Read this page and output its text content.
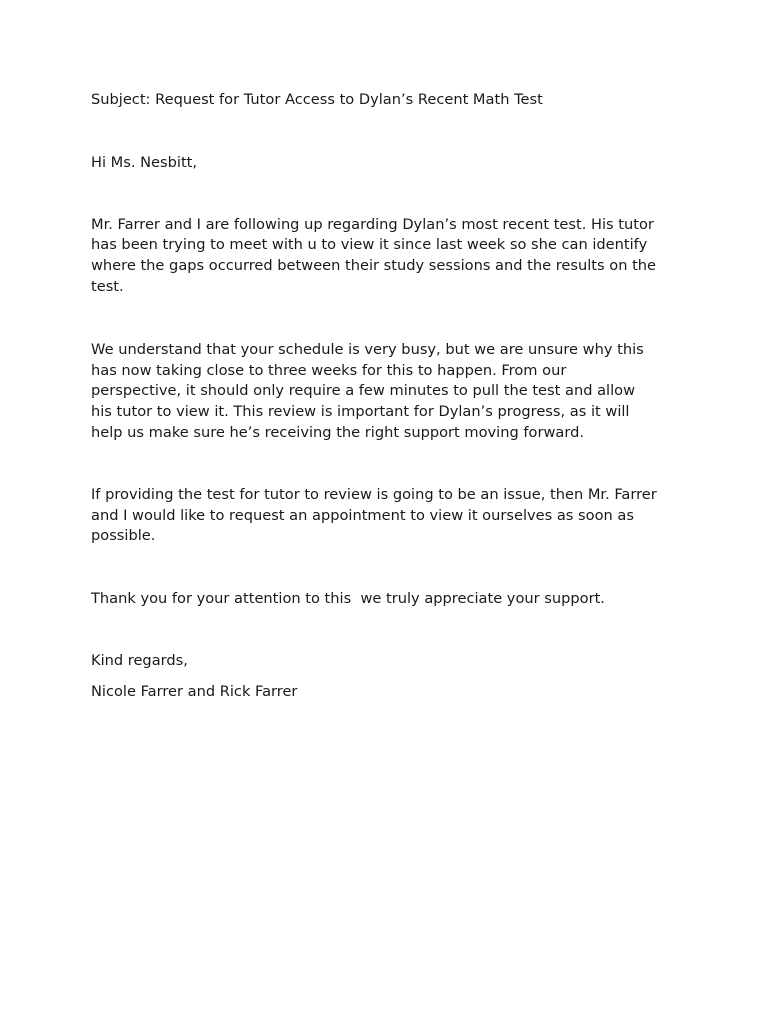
Subject: Request for Tutor Access to Dylan’s Recent Math Test

Hi Ms. Nesbitt,

Mr. Farrer and I are following up regarding Dylan’s most recent test. His tutor
has been trying to meet with u to view it since last week so she can identify
where the gaps occurred between their study sessions and the results on the
test.

We understand that your schedule is very busy, but we are unsure why this
has now taking close to three weeks for this to happen. From our
perspective, it should only require a few minutes to pull the test and allow
his tutor to view it. This review is important for Dylan’s progress, as it will
help us make sure he’s receiving the right support moving forward.

If providing the test for tutor to review is going to be an issue, then Mr. Farrer
and I would like to request an appointment to view it ourselves as soon as
possible.

Thank you for your attention to this  we truly appreciate your support.

Kind regards,

Nicole Farrer and Rick Farrer
